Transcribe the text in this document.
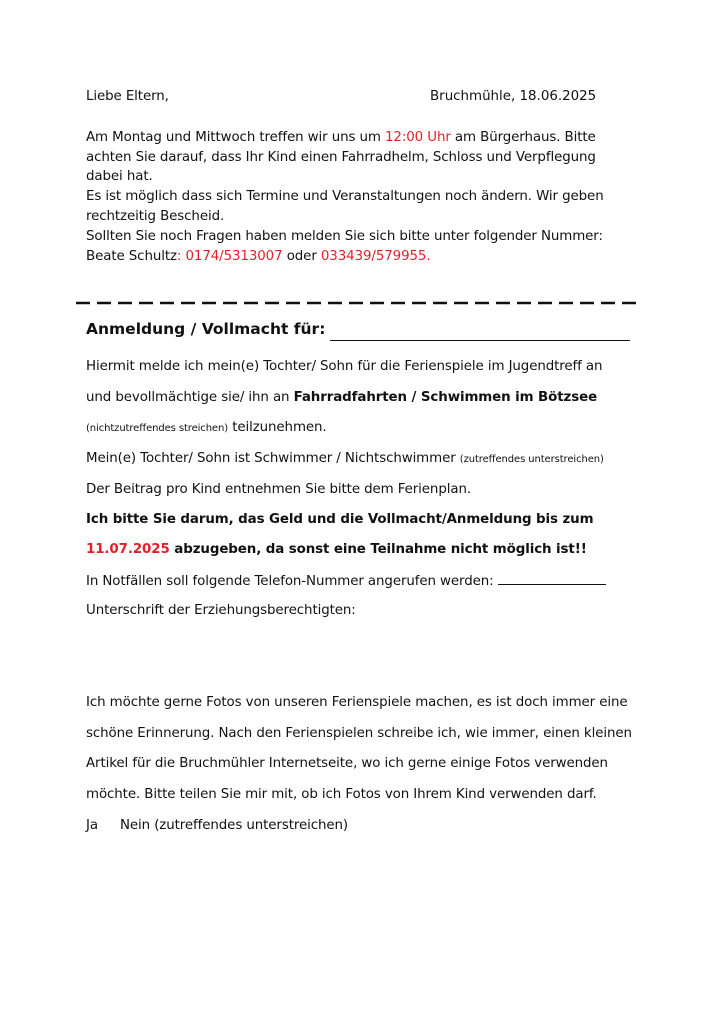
Liebe Eltern,	Bruchmühle, 18.06.2025
Am Montag und Mittwoch treffen wir uns um 12:00 Uhr am Bürgerhaus. Bitte
achten Sie darauf, dass Ihr Kind einen Fahrradhelm, Schloss und Verpflegung
dabei hat.
Es ist möglich dass sich Termine und Veranstaltungen noch ändern. Wir geben
rechtzeitig Bescheid.
Sollten Sie noch Fragen haben melden Sie sich bitte unter folgender Nummer:
Beate Schultz: 0174/5313007 oder 033439/579955.
Anmeldung / Vollmacht für:
Hiermit melde ich mein(e) Tochter/ Sohn für die Ferienspiele im Jugendtreff an
und bevollmächtige sie/ ihn an Fahrradfahrten / Schwimmen im Bötzsee
(nichtzutreffendes streichen) teilzunehmen.
Mein(e) Tochter/ Sohn ist Schwimmer / Nichtschwimmer (zutreffendes unterstreichen)
Der Beitrag pro Kind entnehmen Sie bitte dem Ferienplan.
Ich bitte Sie darum, das Geld und die Vollmacht/Anmeldung bis zum
11.07.2025 abzugeben, da sonst eine Teilnahme nicht möglich ist!!
In Notfällen soll folgende Telefon-Nummer angerufen werden:
Unterschrift der Erziehungsberechtigten:
Ich möchte gerne Fotos von unseren Ferienspiele machen, es ist doch immer eine
schöne Erinnerung. Nach den Ferienspielen schreibe ich, wie immer, einen kleinen
Artikel für die Bruchmühler Internetseite, wo ich gerne einige Fotos verwenden
möchte. Bitte teilen Sie mir mit, ob ich Fotos von Ihrem Kind verwenden darf.
Ja Nein (zutreffendes unterstreichen)
